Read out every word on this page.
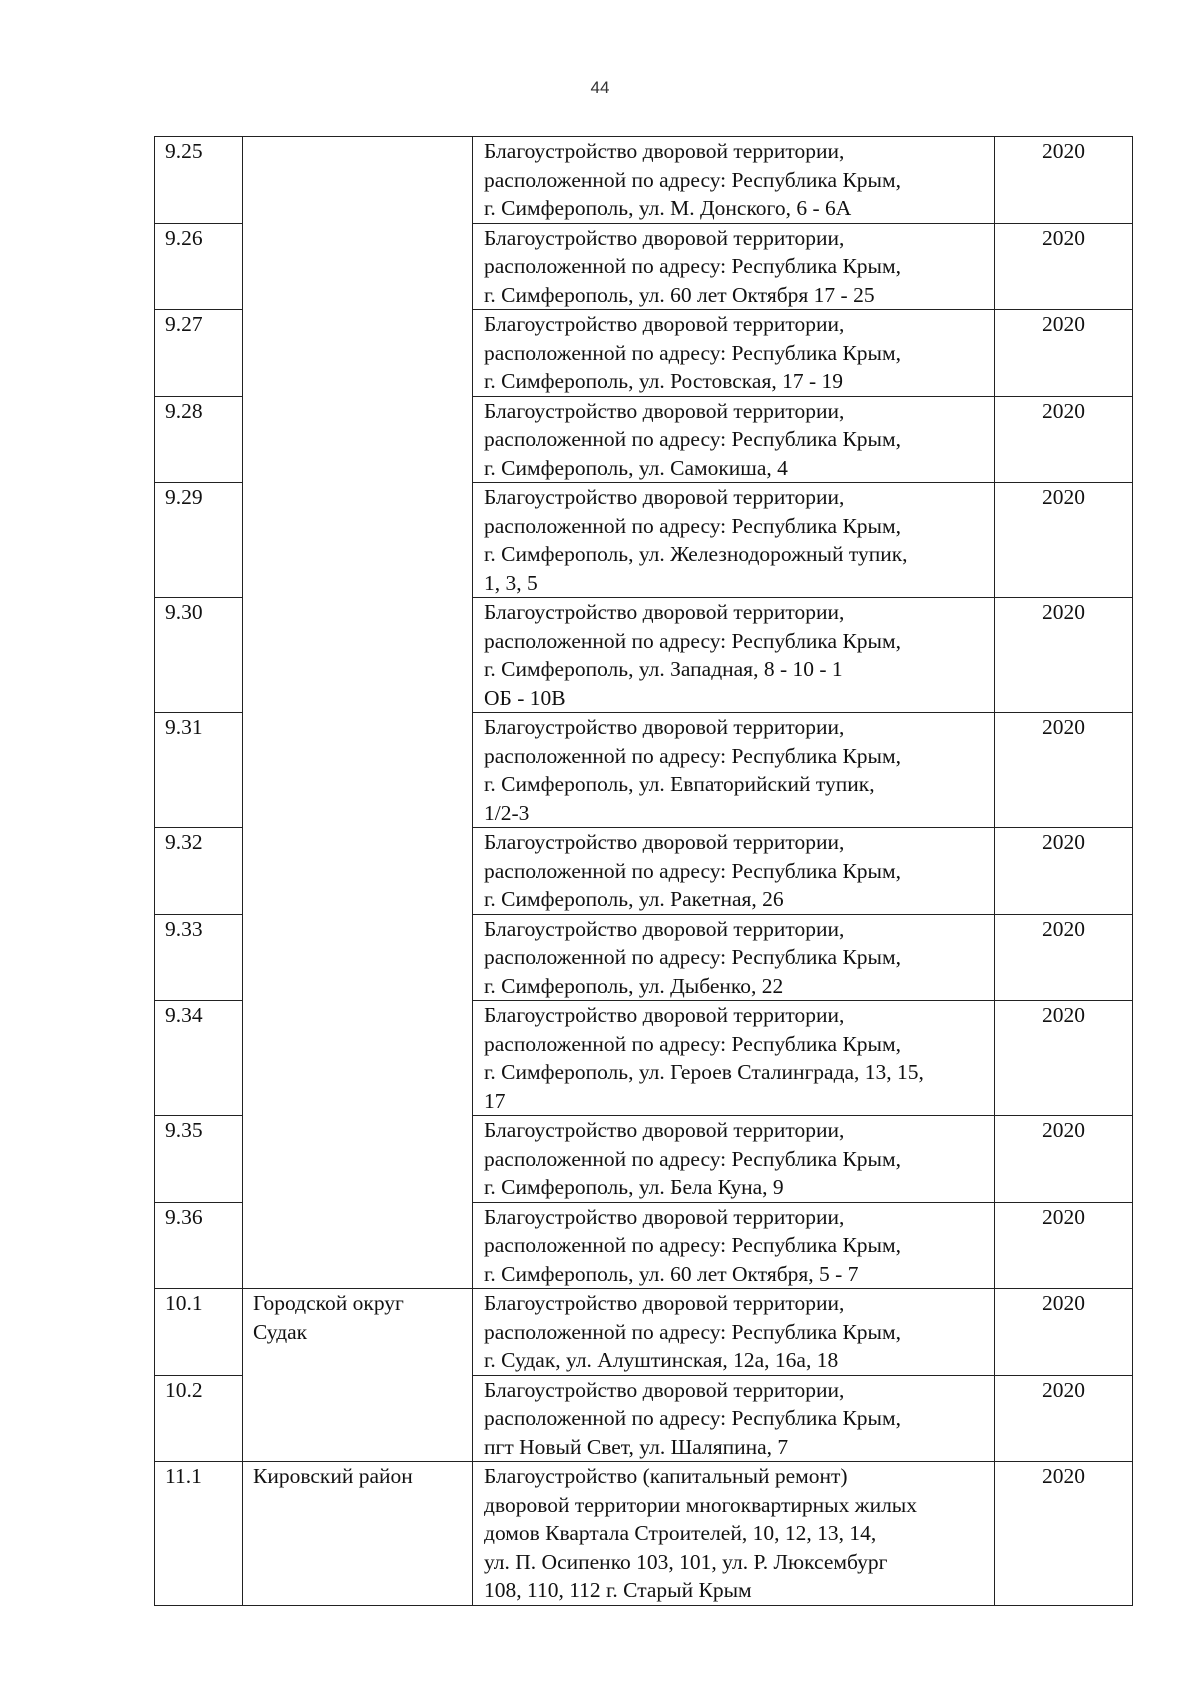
44
9.25		Благоустройство дворовой территории,
расположенной по адресу: Республика Крым,
г. Симферополь, ул. М. Донского, 6 - 6А	2020
9.26		Благоустройство дворовой территории,
расположенной по адресу: Республика Крым,
г. Симферополь, ул. 60 лет Октября 17 - 25	2020
9.27		Благоустройство дворовой территории,
расположенной по адресу: Республика Крым,
г. Симферополь, ул. Ростовская, 17 - 19	2020
9.28		Благоустройство дворовой территории,
расположенной по адресу: Республика Крым,
г. Симферополь, ул. Самокиша, 4	2020
9.29		Благоустройство дворовой территории,
расположенной по адресу: Республика Крым,
г. Симферополь, ул. Железнодорожный тупик,
1, 3, 5	2020
9.30		Благоустройство дворовой территории,
расположенной по адресу: Республика Крым,
г. Симферополь, ул. Западная, 8 - 10 - 1
ОБ - 10В	2020
9.31		Благоустройство дворовой территории,
расположенной по адресу: Республика Крым,
г. Симферополь, ул. Евпаторийский тупик,
1/2-3	2020
9.32		Благоустройство дворовой территории,
расположенной по адресу: Республика Крым,
г. Симферополь, ул. Ракетная, 26	2020
9.33		Благоустройство дворовой территории,
расположенной по адресу: Республика Крым,
г. Симферополь, ул. Дыбенко, 22	2020
9.34		Благоустройство дворовой территории,
расположенной по адресу: Республика Крым,
г. Симферополь, ул. Героев Сталинграда, 13, 15,
17	2020
9.35		Благоустройство дворовой территории,
расположенной по адресу: Республика Крым,
г. Симферополь, ул. Бела Куна, 9	2020
9.36		Благоустройство дворовой территории,
расположенной по адресу: Республика Крым,
г. Симферополь, ул. 60 лет Октября, 5 - 7	2020
10.1	Городской округ
Судак	Благоустройство дворовой территории,
расположенной по адресу: Республика Крым,
г. Судак, ул. Алуштинская, 12а, 16а, 18	2020
10.2		Благоустройство дворовой территории,
расположенной по адресу: Республика Крым,
пгт Новый Свет, ул. Шаляпина, 7	2020
11.1	Кировский район	Благоустройство (капитальный ремонт)
дворовой территории многоквартирных жилых
домов Квартала Строителей, 10, 12, 13, 14,
ул. П. Осипенко 103, 101, ул. Р. Люксембург
108, 110, 112 г. Старый Крым	2020
